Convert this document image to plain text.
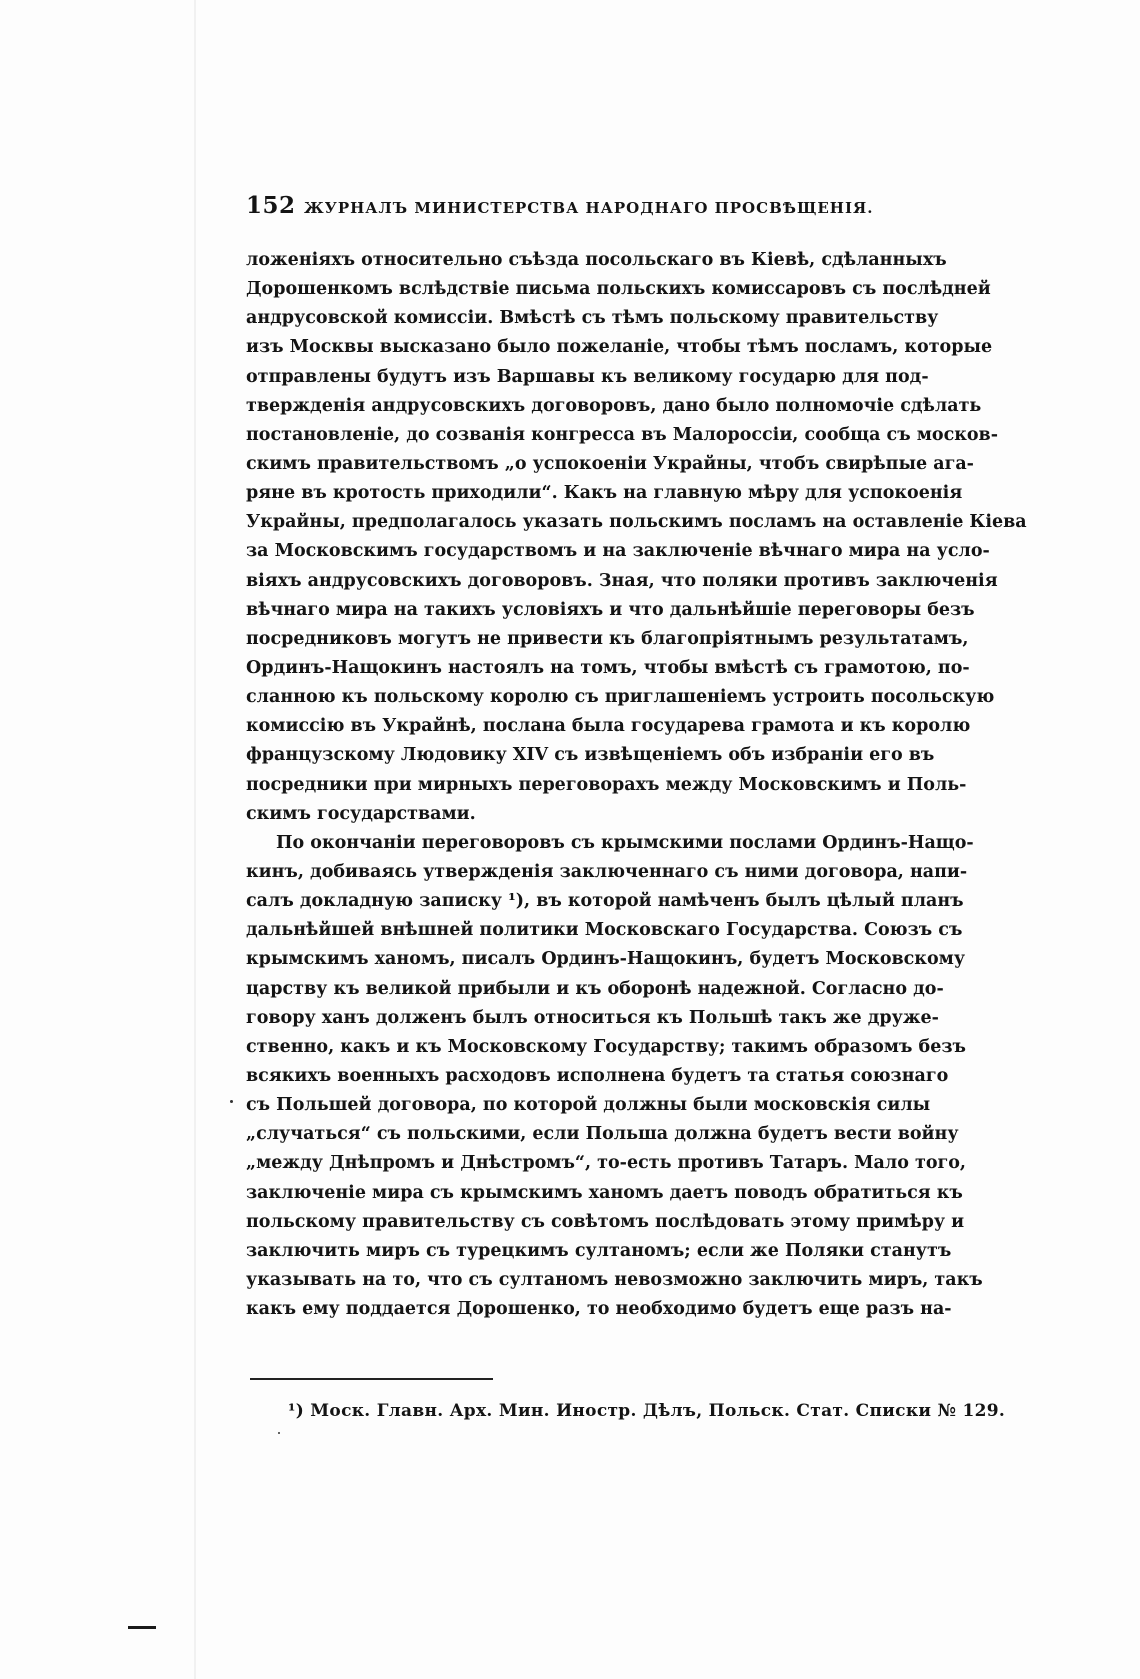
152 ЖУРНАЛЪ МИНИСТЕРСТВА НАРОДНАГО ПРОСВѢЩЕНІЯ.
ложеніяхъ относительно съѣзда посольскаго въ Кіевѣ, сдѣланныхъ
Дорошенкомъ вслѣдствіе письма польскихъ комиссаровъ съ послѣдней
андрусовской комиссіи. Вмѣстѣ съ тѣмъ польскому правительству
изъ Москвы высказано было пожеланіе, чтобы тѣмъ посламъ, которые
отправлены будутъ изъ Варшавы къ великому государю для под-
твержденія андрусовскихъ договоровъ, дано было полномочіе сдѣлать
постановленіе, до созванія конгресса въ Малороссіи, сообща съ москов-
скимъ правительствомъ „о успокоеніи Украйны, чтобъ свирѣпые ага-
ряне въ кротость приходили“. Какъ на главную мѣру для успокоенія
Украйны, предполагалось указать польскимъ посламъ на оставленіе Кіева
за Московскимъ государствомъ и на заключеніе вѣчнаго мира на усло-
віяхъ андрусовскихъ договоровъ. Зная, что поляки противъ заключенія
вѣчнаго мира на такихъ условіяхъ и что дальнѣйшіе переговоры безъ
посредниковъ могутъ не привести къ благопріятнымъ результатамъ,
Ординъ-Нащокинъ настоялъ на томъ, чтобы вмѣстѣ съ грамотою, по-
сланною къ польскому королю съ приглашеніемъ устроить посольскую
комиссію въ Украйнѣ, послана была государева грамота и къ королю
французскому Людовику XIV съ извѣщеніемъ объ избраніи его въ
посредники при мирныхъ переговорахъ между Московскимъ и Поль-
скимъ государствами.
По окончаніи переговоровъ съ крымскими послами Ординъ-Нащо-
кинъ, добиваясь утвержденія заключеннаго съ ними договора, напи-
салъ докладную записку ¹), въ которой намѣченъ былъ цѣлый планъ
дальнѣйшей внѣшней политики Московскаго Государства. Союзъ съ
крымскимъ ханомъ, писалъ Ординъ-Нащокинъ, будетъ Московскому
царству къ великой прибыли и къ оборонѣ надежной. Согласно до-
говору ханъ долженъ былъ относиться къ Польшѣ такъ же друже-
ственно, какъ и къ Московскому Государству; такимъ образомъ безъ
всякихъ военныхъ расходовъ исполнена будетъ та статья союзнаго
съ Польшей договора, по которой должны были московскія силы
„случаться“ съ польскими, если Польша должна будетъ вести войну
„между Днѣпромъ и Днѣстромъ“, то-есть противъ Татаръ. Мало того,
заключеніе мира съ крымскимъ ханомъ даетъ поводъ обратиться къ
польскому правительству съ совѣтомъ послѣдовать этому примѣру и
заключить миръ съ турецкимъ султаномъ; если же Поляки станутъ
указывать на то, что съ султаномъ невозможно заключить миръ, такъ
какъ ему поддается Дорошенко, то необходимо будетъ еще разъ на-
¹) Моск. Главн. Арх. Мин. Иностр. Дѣлъ, Польск. Стат. Списки № 129.
